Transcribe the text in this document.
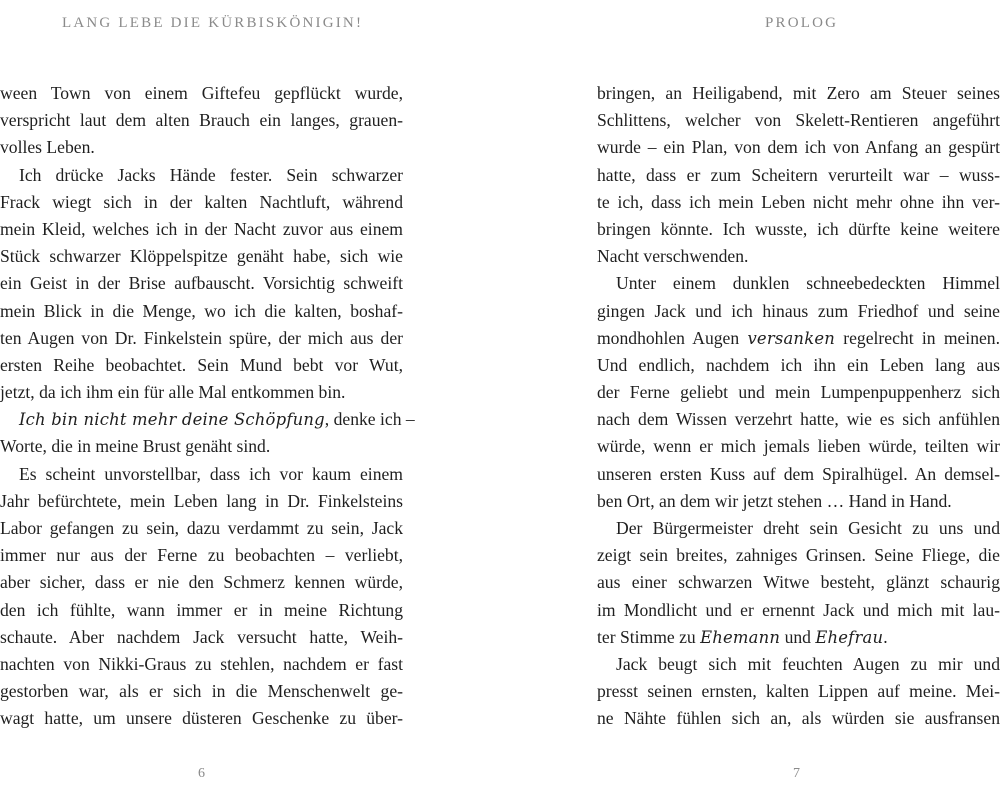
LANG LEBE DIE KÜRBISKÖNIGIN!
ween Town von einem Giftefeu gepflückt wurde,
verspricht laut dem alten Brauch ein langes, grauen-
volles Leben.
Ich drücke Jacks Hände fester. Sein schwarzer
Frack wiegt sich in der kalten Nachtluft, während
mein Kleid, welches ich in der Nacht zuvor aus einem
Stück schwarzer Klöppelspitze genäht habe, sich wie
ein Geist in der Brise aufbauscht. Vorsichtig schweift
mein Blick in die Menge, wo ich die kalten, boshaf-
ten Augen von Dr. Finkelstein spüre, der mich aus der
ersten Reihe beobachtet. Sein Mund bebt vor Wut,
jetzt, da ich ihm ein für alle Mal entkommen bin.
Ich bin nicht mehr deine Schöpfung, denke ich –
Worte, die in meine Brust genäht sind.
Es scheint unvorstellbar, dass ich vor kaum einem
Jahr befürchtete, mein Leben lang in Dr. Finkelsteins
Labor gefangen zu sein, dazu verdammt zu sein, Jack
immer nur aus der Ferne zu beobachten – verliebt,
aber sicher, dass er nie den Schmerz kennen würde,
den ich fühlte, wann immer er in meine Richtung
schaute. Aber nachdem Jack versucht hatte, Weih-
nachten von Nikki-Graus zu stehlen, nachdem er fast
gestorben war, als er sich in die Menschenwelt ge-
wagt hatte, um unsere düsteren Geschenke zu über-
6
PROLOG
bringen, an Heiligabend, mit Zero am Steuer seines
Schlittens, welcher von Skelett-Rentieren angeführt
wurde – ein Plan, von dem ich von Anfang an gespürt
hatte, dass er zum Scheitern verurteilt war – wuss-
te ich, dass ich mein Leben nicht mehr ohne ihn ver-
bringen könnte. Ich wusste, ich dürfte keine weitere
Nacht verschwenden.
Unter einem dunklen schneebedeckten Himmel
gingen Jack und ich hinaus zum Friedhof und seine
mondhohlen Augen versanken regelrecht in meinen.
Und endlich, nachdem ich ihn ein Leben lang aus
der Ferne geliebt und mein Lumpenpuppenherz sich
nach dem Wissen verzehrt hatte, wie es sich anfühlen
würde, wenn er mich jemals lieben würde, teilten wir
unseren ersten Kuss auf dem Spiralhügel. An demsel-
ben Ort, an dem wir jetzt stehen … Hand in Hand.
Der Bürgermeister dreht sein Gesicht zu uns und
zeigt sein breites, zahniges Grinsen. Seine Fliege, die
aus einer schwarzen Witwe besteht, glänzt schaurig
im Mondlicht und er ernennt Jack und mich mit lau-
ter Stimme zu Ehemann und Ehefrau.
Jack beugt sich mit feuchten Augen zu mir und
presst seinen ernsten, kalten Lippen auf meine. Mei-
ne Nähte fühlen sich an, als würden sie ausfransen
7
